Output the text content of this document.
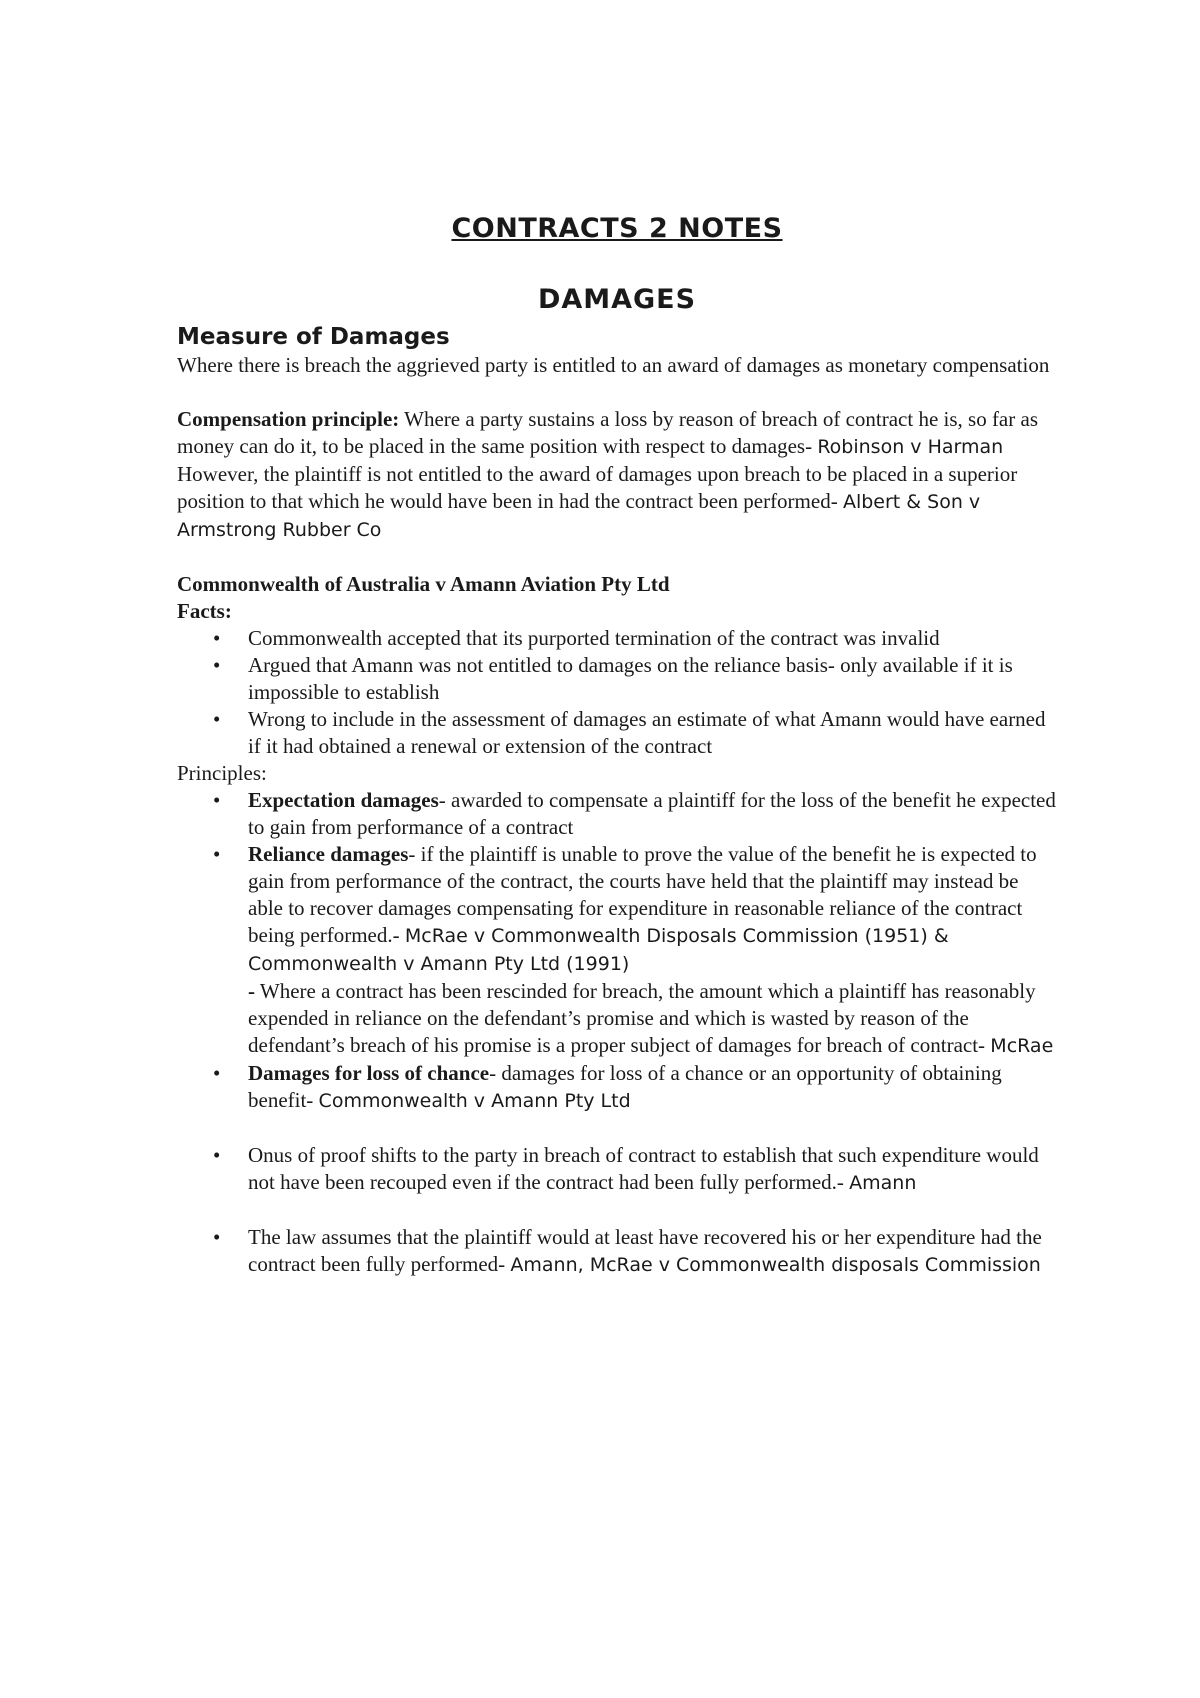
CONTRACTS 2 NOTES
DAMAGES
Measure of Damages

Where there is breach the aggrieved party is entitled to an award of damages as monetary compensation

Compensation principle: Where a party sustains a loss by reason of breach of contract he is, so far as money can do it, to be placed in the same position with respect to damages- Robinson v Harman

However, the plaintiff is not entitled to the award of damages upon breach to be placed in a superior position to that which he would have been in had the contract been performed- Albert & Son v Armstrong Rubber Co

Commonwealth of Australia v Amann Aviation Pty Ltd

Facts:

• Commonwealth accepted that its purported termination of the contract was invalid
• Argued that Amann was not entitled to damages on the reliance basis- only available if it is impossible to establish
• Wrong to include in the assessment of damages an estimate of what Amann would have earned if it had obtained a renewal or extension of the contract

Principles:

• Expectation damages- awarded to compensate a plaintiff for the loss of the benefit he expected to gain from performance of a contract
• Reliance damages- if the plaintiff is unable to prove the value of the benefit he is expected to gain from performance of the contract, the courts have held that the plaintiff may instead be able to recover damages compensating for expenditure in reasonable reliance of the contract being performed.- McRae v Commonwealth Disposals Commission (1951) & Commonwealth v Amann Pty Ltd (1991)
- Where a contract has been rescinded for breach, the amount which a plaintiff has reasonably expended in reliance on the defendant’s promise and which is wasted by reason of the defendant’s breach of his promise is a proper subject of damages for breach of contract- McRae
• Damages for loss of chance- damages for loss of a chance or an opportunity of obtaining benefit- Commonwealth v Amann Pty Ltd
• Onus of proof shifts to the party in breach of contract to establish that such expenditure would not have been recouped even if the contract had been fully performed.- Amann
• The law assumes that the plaintiff would at least have recovered his or her expenditure had the contract been fully performed- Amann, McRae v Commonwealth disposals Commission
